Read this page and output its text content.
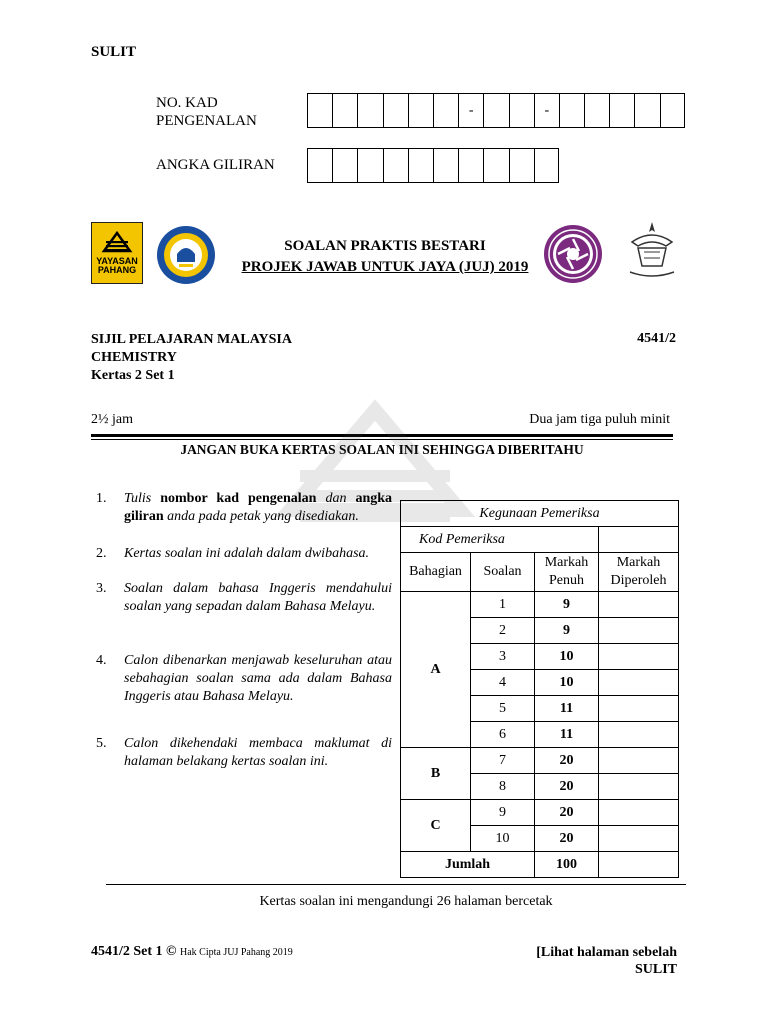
SULIT
NO. KAD
PENGENALAN
-	-
ANGKA GILIRAN
YAYASAN
PAHANG
SOALAN PRAKTIS BESTARI
PROJEK JAWAB UNTUK JAYA (JUJ) 2019
SIJIL PELAJARAN MALAYSIA
CHEMISTRY
Kertas 2 Set 1
4541/2
2½ jam	Dua jam tiga puluh minit
JANGAN BUKA KERTAS SOALAN INI SEHINGGA DIBERITAHU
1. Tulis nombor kad pengenalan dan angka giliran anda pada petak yang disediakan.
2. Kertas soalan ini adalah dalam dwibahasa.
3. Soalan dalam bahasa Inggeris mendahului soalan yang sepadan dalam Bahasa Melayu.
4. Calon dibenarkan menjawab keseluruhan atau sebahagian soalan sama ada dalam Bahasa Inggeris atau Bahasa Melayu.
5. Calon dikehendaki membaca maklumat di halaman belakang kertas soalan ini.
Kegunaan Pemeriksa			
Kod Pemeriksa			
Bahagian	Soalan	Markah Penuh	Markah Diperoleh
A	1	9	
	2	9	
	3	10	
	4	10	
	5	11	
	6	11	
B	7	20	
	8	20	
C	9	20	
	10	20	
Jumlah		100	
Kertas soalan ini mengandungi 26 halaman bercetak
4541/2 Set 1 © Hak Cipta JUJ Pahang 2019	[Lihat halaman sebelah
SULIT
